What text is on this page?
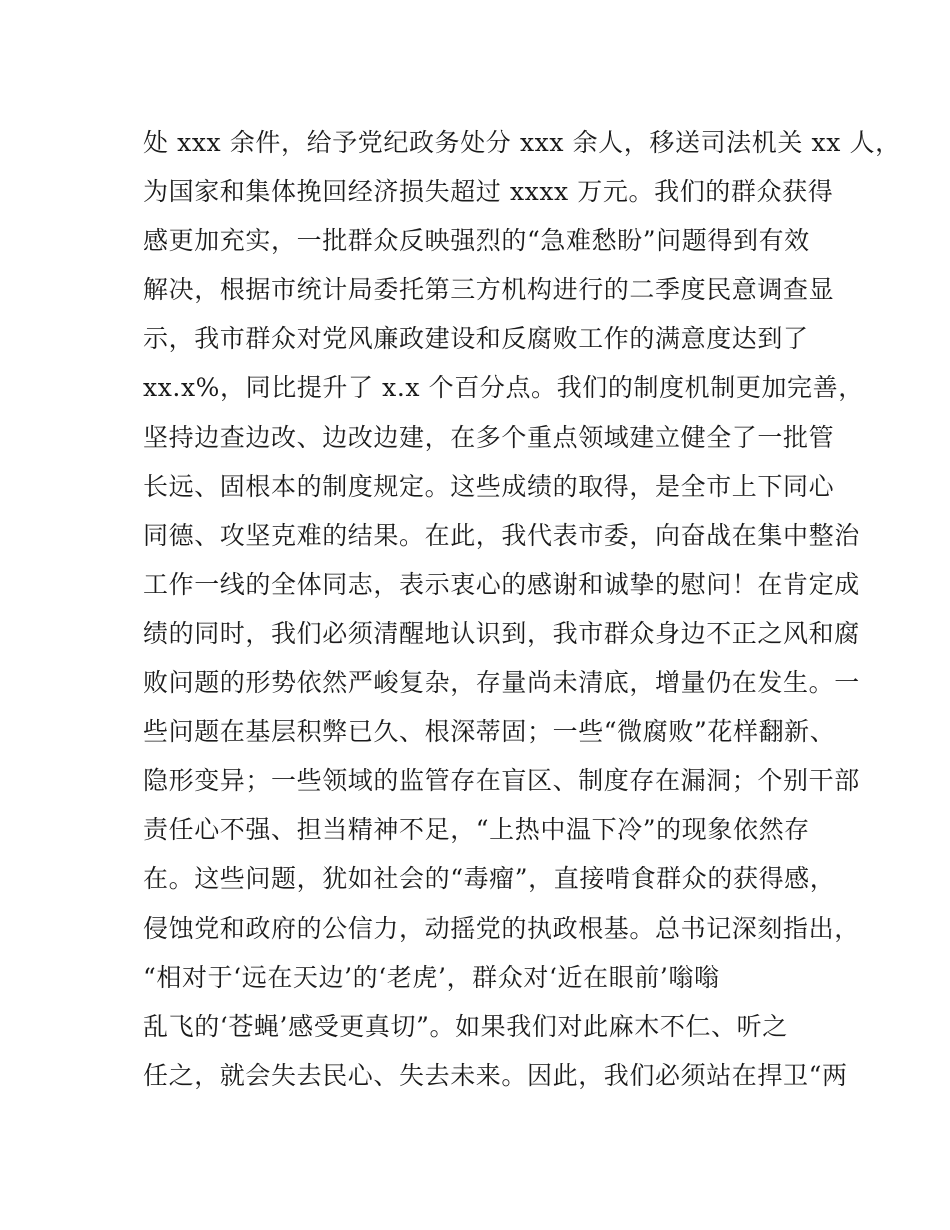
处 xxx 余件，给予党纪政务处分 xxx 余人，移送司法机关 xx 人，
为国家和集体挽回经济损失超过 xxxx 万元。我们的群众获得
感更加充实，一批群众反映强烈的“急难愁盼”问题得到有效
解决，根据市统计局委托第三方机构进行的二季度民意调查显
示，我市群众对党风廉政建设和反腐败工作的满意度达到了
xx.x%，同比提升了 x.x 个百分点。我们的制度机制更加完善，
坚持边查边改、边改边建，在多个重点领域建立健全了一批管
长远、固根本的制度规定。这些成绩的取得，是全市上下同心
同德、攻坚克难的结果。在此，我代表市委，向奋战在集中整治
工作一线的全体同志，表示衷心的感谢和诚挚的慰问！在肯定成
绩的同时，我们必须清醒地认识到，我市群众身边不正之风和腐
败问题的形势依然严峻复杂，存量尚未清底，增量仍在发生。一
些问题在基层积弊已久、根深蒂固；一些“微腐败”花样翻新、
隐形变异；一些领域的监管存在盲区、制度存在漏洞；个别干部
责任心不强、担当精神不足，“上热中温下冷”的现象依然存
在。这些问题，犹如社会的“毒瘤”，直接啃食群众的获得感，
侵蚀党和政府的公信力，动摇党的执政根基。总书记深刻指出，
“相对于‘远在天边’的‘老虎’，群众对‘近在眼前’嗡嗡
乱飞的‘苍蝇’感受更真切”。如果我们对此麻木不仁、听之
任之，就会失去民心、失去未来。因此，我们必须站在捍卫“两
